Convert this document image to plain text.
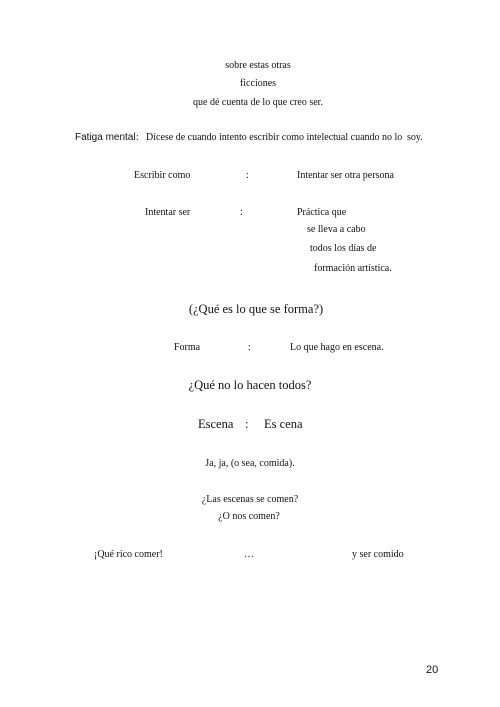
sobre estas otras
ficciones
que dé cuenta de lo que creo ser.
Fatiga mental : Dícese de cuando intento escribir como intelectual cuando no lo soy.
Escribir como	:	Intentar ser otra persona
Intentar ser	:	Práctica que
se lleva a cabo
todos los días de
formación artística.
(¿Qué es lo que se forma?)
Forma	:	Lo que hago en escena.
¿Qué no lo hacen todos?
Escena : Es cena
Ja, ja, (o sea, comida).
¿Las escenas se comen?
¿O nos comen?
¡Qué rico comer!	…	y ser comido
20
